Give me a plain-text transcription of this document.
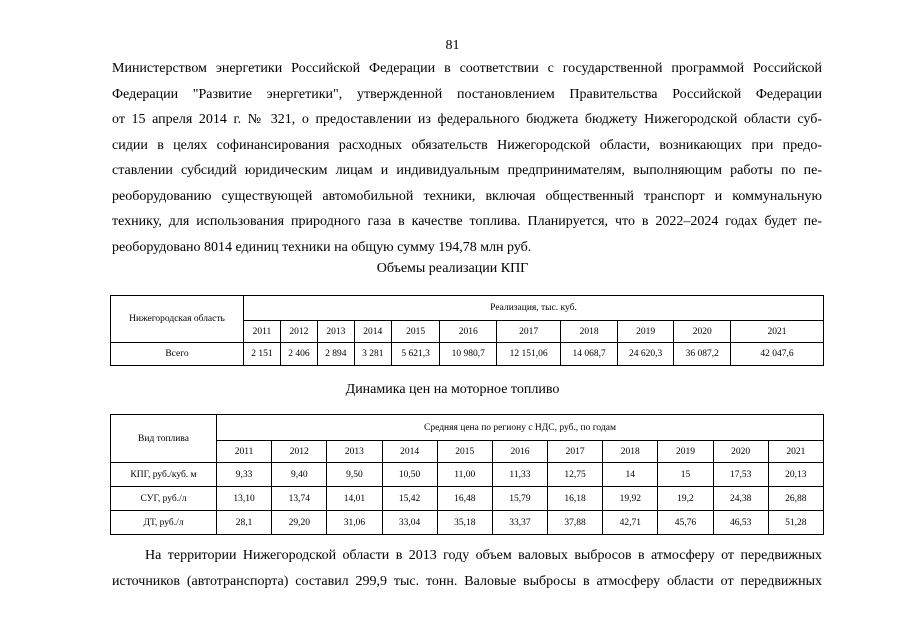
81
Министерством энергетики Российской Федерации в соответствии с государственной программой Российской
Федерации "Развитие энергетики", утвержденной постановлением Правительства Российской Федерации
от 15 апреля 2014 г. № 321, о предоставлении из федерального бюджета бюджету Нижегородской области суб-
сидии в целях софинансирования расходных обязательств Нижегородской области, возникающих при предо-
ставлении субсидий юридическим лицам и индивидуальным предпринимателям, выполняющим работы по пе-
реоборудованию существующей автомобильной техники, включая общественный транспорт и коммунальную
технику, для использования природного газа в качестве топлива. Планируется, что в 2022–2024 годах будет пе-
реоборудовано 8014 единиц техники на общую сумму 194,78 млн руб.
Объемы реализации КПГ
Нижегородская область	Реализация, тыс. куб.										
	2011	2012	2013	2014	2015	2016	2017	2018	2019	2020	2021
Всего	2 151	2 406	2 894	3 281	5 621,3	10 980,7	12 151,06	14 068,7	24 620,3	36 087,2	42 047,6
Динамика цен на моторное топливо
Вид топлива	Средняя цена по региону с НДС, руб., по годам										
	2011	2012	2013	2014	2015	2016	2017	2018	2019	2020	2021
КПГ, руб./куб. м	9,33	9,40	9,50	10,50	11,00	11,33	12,75	14	15	17,53	20,13
СУГ, руб./л	13,10	13,74	14,01	15,42	16,48	15,79	16,18	19,92	19,2	24,38	26,88
ДТ, руб./л	28,1	29,20	31,06	33,04	35,18	33,37	37,88	42,71	45,76	46,53	51,28
На территории Нижегородской области в 2013 году объем валовых выбросов в атмосферу от передвижных
источников (автотранспорта) составил 299,9 тыс. тонн. Валовые выбросы в атмосферу области от передвижных
